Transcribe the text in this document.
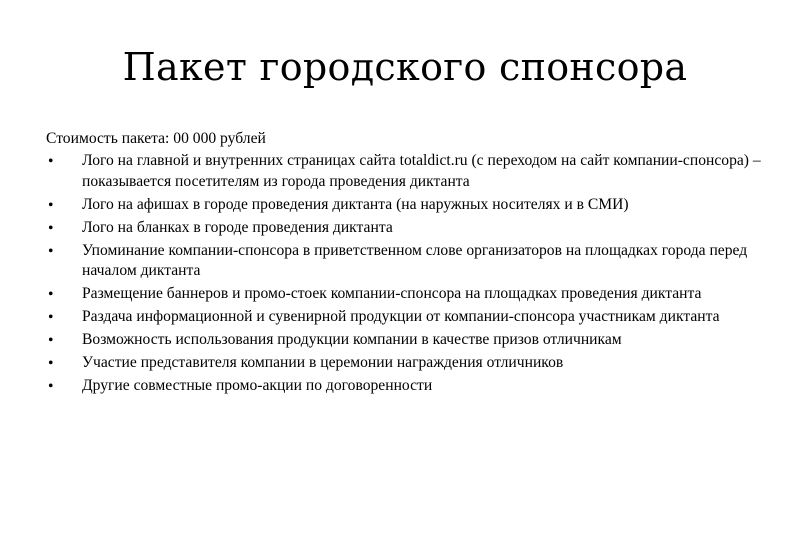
Пакет городского спонсора

Стоимость пакета: 00 000 рублей

• Лого на главной и внутренних страницах сайта totaldict.ru (с переходом на сайт компании-спонсора) – показывается посетителям из города проведения диктанта
• Лого на афишах в городе проведения диктанта (на наружных носителях и в СМИ)
• Лого на бланках в городе проведения диктанта
• Упоминание компании-спонсора в приветственном слове организаторов на площадках города перед началом диктанта
• Размещение баннеров и промо-стоек компании-спонсора на площадках проведения диктанта
• Раздача информационной и сувенирной продукции от компании-спонсора участникам диктанта
• Возможность использования продукции компании в качестве призов отличникам
• Участие представителя компании в церемонии награждения отличников
• Другие совместные промо-акции по договоренности
